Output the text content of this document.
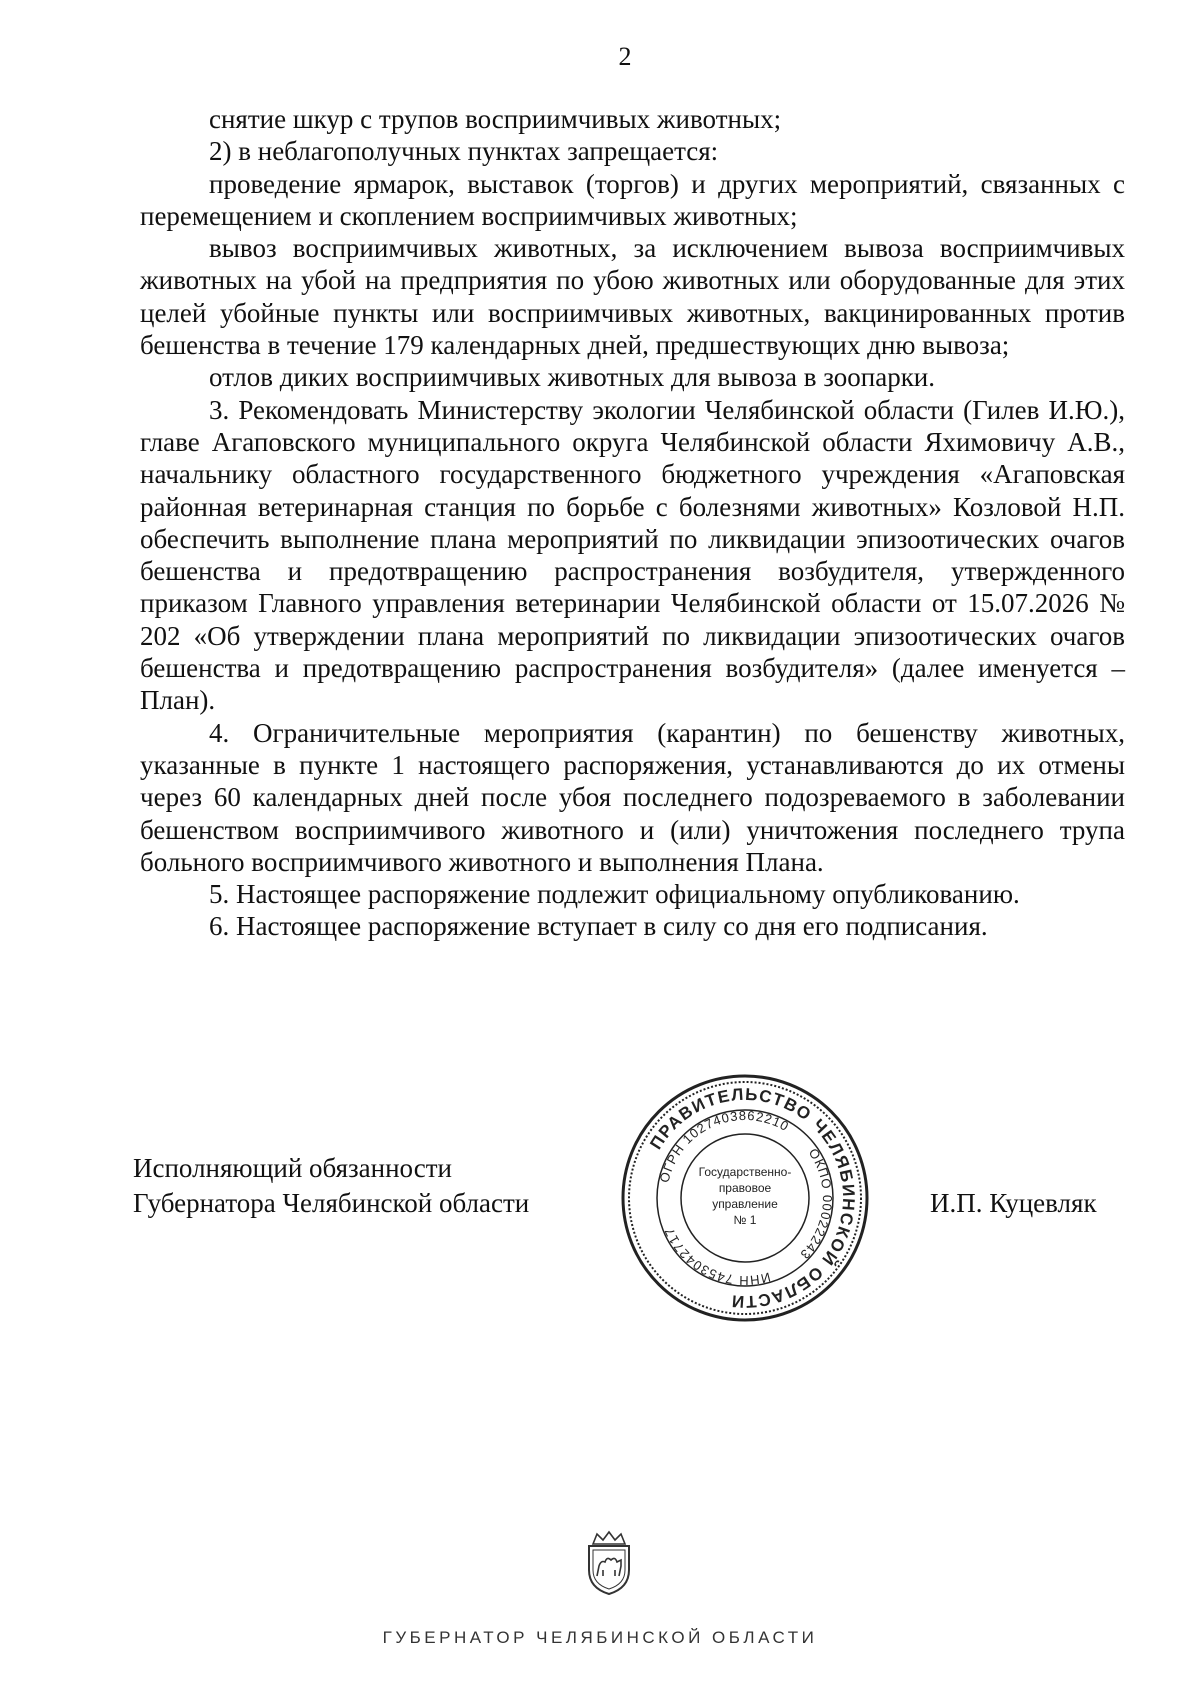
2

снятие шкур с трупов восприимчивых животных;

2) в неблагополучных пунктах запрещается:

проведение ярмарок, выставок (торгов) и других мероприятий, связанных с перемещением и скоплением восприимчивых животных;

вывоз восприимчивых животных, за исключением вывоза восприимчивых животных на убой на предприятия по убою животных или оборудованные для этих целей убойные пункты или восприимчивых животных, вакцинированных против бешенства в течение 179 календарных дней, предшествующих дню вывоза;

отлов диких восприимчивых животных для вывоза в зоопарки.

3. Рекомендовать Министерству экологии Челябинской области (Гилев И.Ю.), главе Агаповского муниципального округа Челябинской области Яхимовичу А.В., начальнику областного государственного бюджетного учреждения «Агаповская районная ветеринарная станция по борьбе с болезнями животных» Козловой Н.П. обеспечить выполнение плана мероприятий по ликвидации эпизоотических очагов бешенства и предотвращению распространения возбудителя, утвержденного приказом Главного управления ветеринарии Челябинской области от 15.07.2026 № 202 «Об утверждении плана мероприятий по ликвидации эпизоотических очагов бешенства и предотвращению распространения возбудителя» (далее именуется – План).

4. Ограничительные мероприятия (карантин) по бешенству животных, указанные в пункте 1 настоящего распоряжения, устанавливаются до их отмены через 60 календарных дней после убоя последнего подозреваемого в заболевании бешенством восприимчивого животного и (или) уничтожения последнего трупа больного восприимчивого животного и выполнения Плана.

5. Настоящее распоряжение подлежит официальному опубликованию.

6. Настоящее распоряжение вступает в силу со дня его подписания.

Исполняющий обязанности
Губернатора Челябинской области	И.П. Куцевляк
ПРАВИТЕЛЬСТВО ЧЕЛЯБИНСКОЙ ОБЛАСТИ
ОГРН 1027403862210
ОКПО 00022243
ИНН 7453042717
Государственно-
правовое
управление
№ 1
ГУБЕРНАТОР ЧЕЛЯБИНСКОЙ ОБЛАСТИ
